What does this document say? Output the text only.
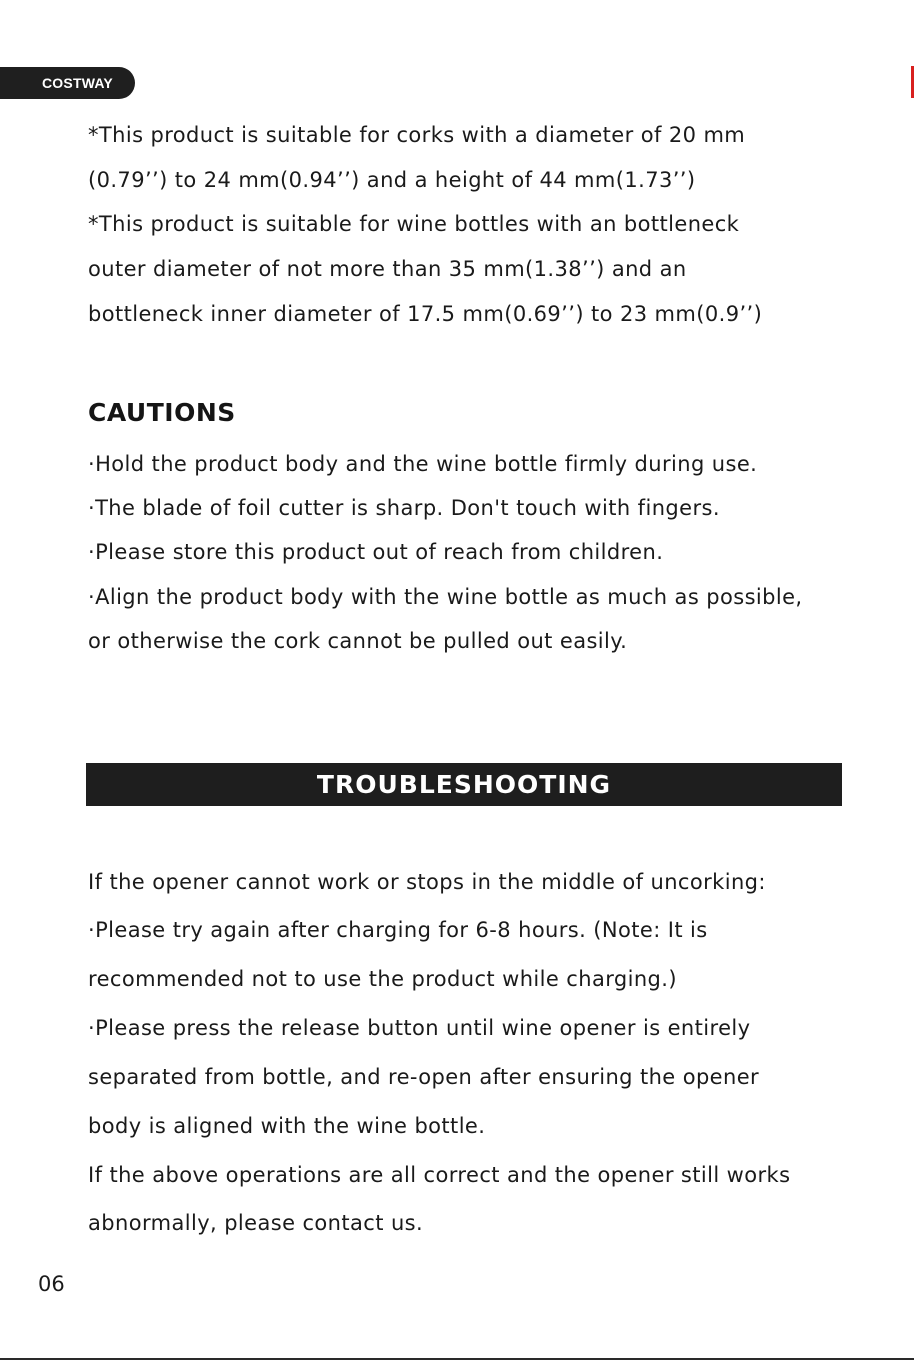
COSTWAY
*This product is suitable for corks with a diameter of 20 mm
(0.79’’) to 24 mm(0.94’’) and a height of 44 mm(1.73’’)
*This product is suitable for wine bottles with an bottleneck
outer diameter of not more than 35 mm(1.38’’) and an
bottleneck inner diameter of 17.5 mm(0.69’’) to 23 mm(0.9’’)
CAUTIONS
·Hold the product body and the wine bottle firmly during use.
·The blade of foil cutter is sharp. Don't touch with fingers.
·Please store this product out of reach from children.
·Align the product body with the wine bottle as much as possible,
or otherwise the cork cannot be pulled out easily.
TROUBLESHOOTING
If the opener cannot work or stops in the middle of uncorking:
·Please try again after charging for 6-8 hours. (Note: It is
recommended not to use the product while charging.)
·Please press the release button until wine opener is entirely
separated from bottle, and re-open after ensuring the opener
body is aligned with the wine bottle.
If the above operations are all correct and the opener still works
abnormally, please contact us.
06
